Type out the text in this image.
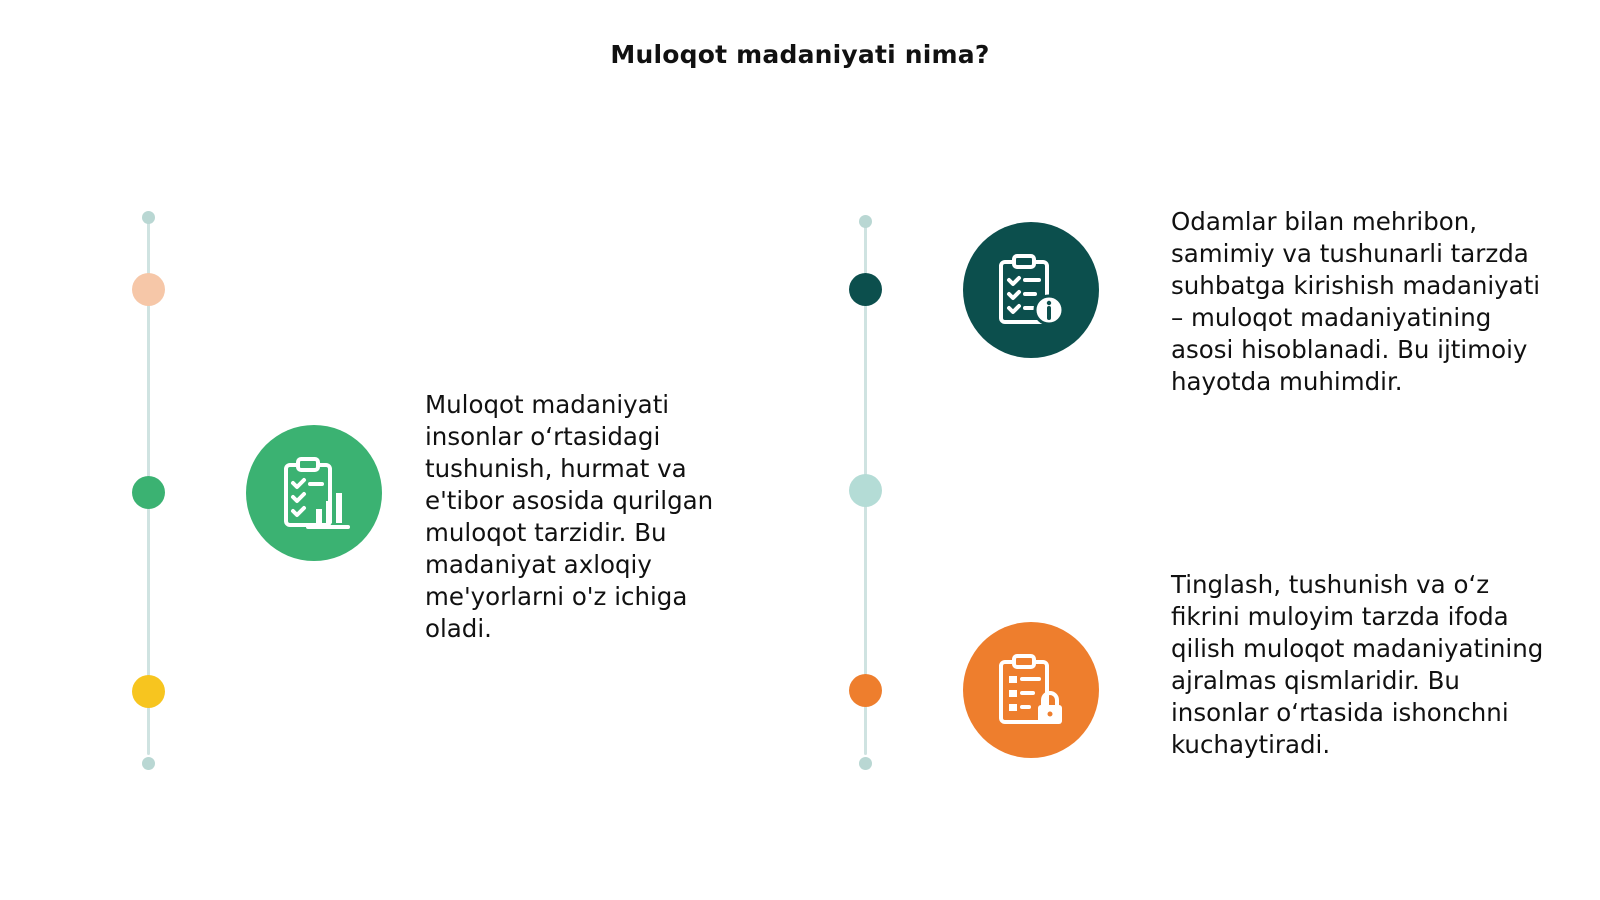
Muloqot madaniyati nima?
Muloqot madaniyati insonlar o‘rtasidagi tushunish, hurmat va e'tibor asosida qurilgan muloqot tarzidir. Bu madaniyat axloqiy me'yorlarni o'z ichiga oladi.
Odamlar bilan mehribon, samimiy va tushunarli tarzda suhbatga kirishish madaniyati – muloqot madaniyatining asosi hisoblanadi. Bu ijtimoiy hayotda muhimdir.
Tinglash, tushunish va o‘z fikrini muloyim tarzda ifoda qilish muloqot madaniyatining ajralmas qismlaridir. Bu insonlar o‘rtasida ishonchni kuchaytiradi.
